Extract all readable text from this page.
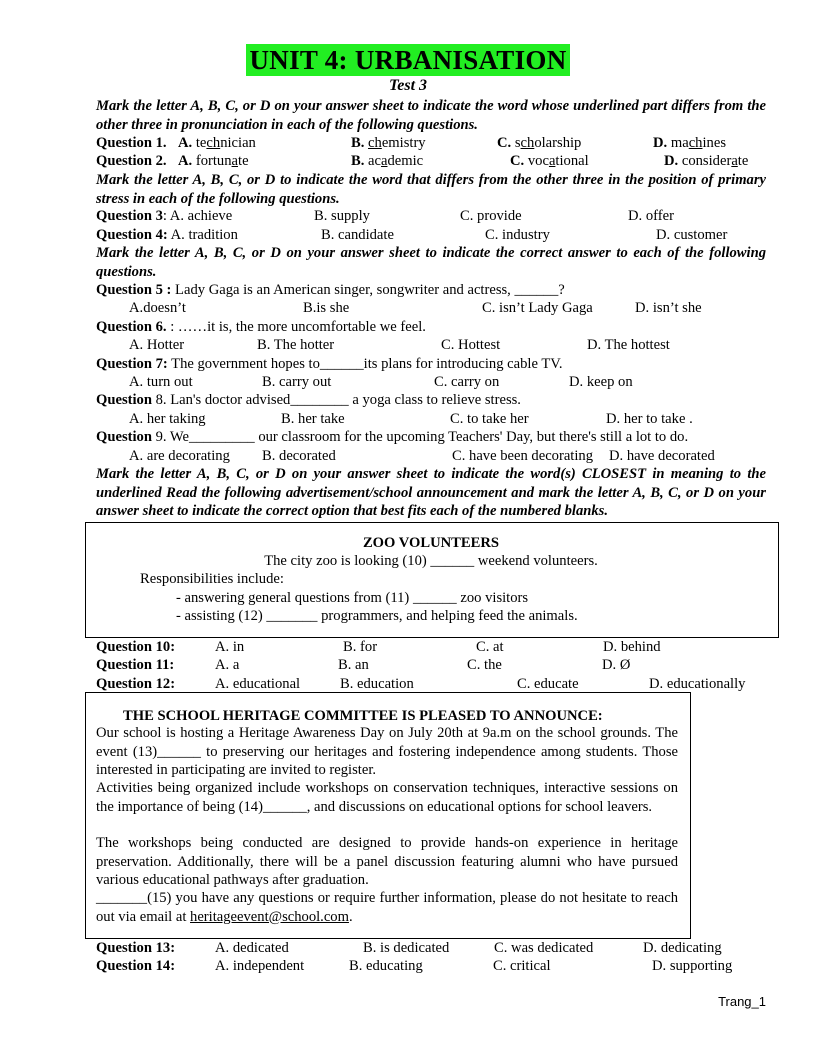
UNIT 4: URBANISATION
Test 3
Mark the letter A, B, C, or D on your answer sheet to indicate the word whose underlined part differs from the other three in pronunciation in each of the following questions.
Question 1. A. technician	B. chemistry	C. scholarship	D. machines
Question 2. A. fortunate	B. academic	C. vocational	D. considerate
Mark the letter A, B, C, or D to indicate the word that differs from the other three in the position of primary stress in each of the following questions.
Question 3: A. achieve	B. supply	C. provide	D. offer
Question 4: A. tradition	B. candidate	C. industry	D. customer
Mark the letter A, B, C, or D on your answer sheet to indicate the correct answer to each of the following questions.
Question 5 : Lady Gaga is an American singer, songwriter and actress, ______?
A.doesn’t	B.is she	C. isn’t Lady Gaga	D. isn’t she
Question 6. : ……it is, the more uncomfortable we feel.
A. Hotter	B. The hotter	C. Hottest	D. The hottest
Question 7: The government hopes to______its plans for introducing cable TV.
A. turn out	B. carry out	C. carry on	D. keep on
Question 8. Lan's doctor advised________ a yoga class to relieve stress.
A. her taking	B. her take	C. to take her	D. her to take .
Question 9. We_________ our classroom for the upcoming Teachers' Day, but there's still a lot to do.
A. are decorating B. decorated	C. have been decorating D. have decorated
Mark the letter A, B, C, or D on your answer sheet to indicate the word(s) CLOSEST in meaning to the underlined Read the following advertisement/school announcement and mark the letter A, B, C, or D on your answer sheet to indicate the correct option that best fits each of the numbered blanks.
ZOO VOLUNTEERS
The city zoo is looking (10) ______ weekend volunteers.
Responsibilities include:
- answering general questions from (11) ______ zoo visitors
- assisting (12) _______ programmers, and helping feed the animals.
Question 10:	A. in	B. for	C. at	D. behind
Question 11:	A. a	B. an	C. the	D. Ø
Question 12:	A. educational	B. education	C. educate	D. educationally
THE SCHOOL HERITAGE COMMITTEE IS PLEASED TO ANNOUNCE:
Our school is hosting a Heritage Awareness Day on July 20th at 9a.m on the school grounds. The event (13)______ to preserving our heritages and fostering independence among students. Those interested in participating are invited to register.
Activities being organized include workshops on conservation techniques, interactive sessions on the importance of being (14)______, and discussions on educational options for school leavers.
The workshops being conducted are designed to provide hands-on experience in heritage preservation. Additionally, there will be a panel discussion featuring alumni who have pursued various educational pathways after graduation.
_______(15) you have any questions or require further information, please do not hesitate to reach out via email at heritageevent@school.com.
Question 13:	A. dedicated	B. is dedicated	C. was dedicated	D. dedicating
Question 14:	A. independent	B. educating	C. critical	D. supporting
Trang_1
